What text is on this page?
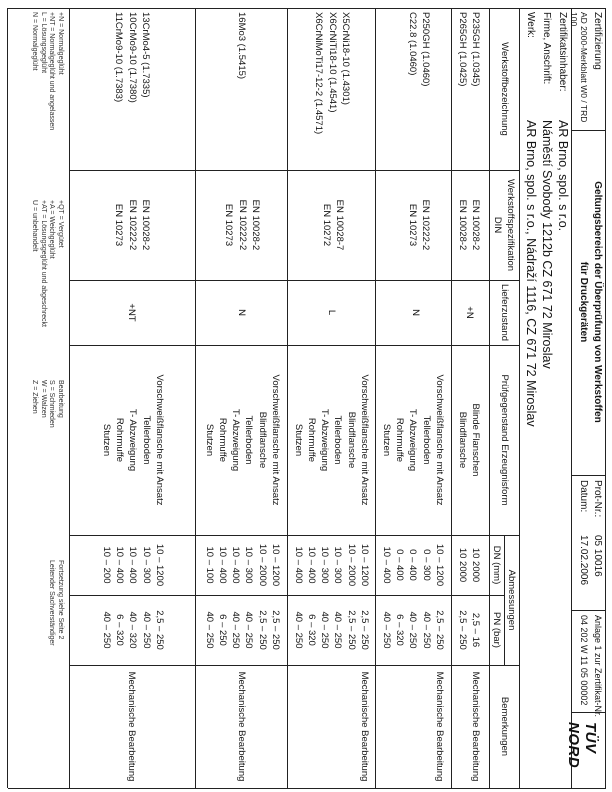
Zertifizierung
AD 2000-Merkblatt W0 / TRD 100
Geltungsbereich der Überprüfung von Werkstoffen
für Druckgeräten
Prot-Nr.:
05 10016
Datum:
17.02.2006
Anlage 1 zur Zertifikat-Nr.
04 202 W 11 05 00002
TÜV NORD
Zertifikatsinhaber:
AR Brno, spol. s r.o.
Firme, Anschrift:
Náměstí Svobody 1212b CZ 671 72 Miroslav
Werk:
AR Brno, spol. s r.o., Nádraží 1116, CZ 671 72 Miroslav
Werkstoffbezeichnung
Werkstoffspezifikation
DIN
Lieferzustand
Prüfgegenstand Erzeugnisform
Abmessungen
DN (mm)
PN (bar)
Bemerkungen
P235GH (1.0345)
P265GH (1.0425)
EN 10028-2
EN 10028-2
+N
Blinde Flanschen
Blindflansche
10 2000
10 2000
2,5 – 16
2,5 – 250
Mechanische Bearbeitung
P250GH (1.0460)
C22.8 (1.0460)
EN 10222-2
EN 10273
N
Vorschweißflansche mit Ansatz
Tellerboden
T- Abzweigung
Rohrmuffe
Stutzen
10 – 1200
0 – 300
0 – 400
0 – 400
10 – 400
2,5 – 250
40 – 250
40 – 250
6 – 320
40 – 250
Mechanische Bearbeitung
X5CrNi18-10 (1.4301)
X6CrNiTi18-10 (1.4541)
X6CrNiMoTi17-12-2 (1.4571)
EN 10028-7
EN 10272
L
Vorschweißflansche mit Ansatz
Blindflansche
Tellerboden
T- Abzweigung
Rohrmuffe
Stutzen
10 – 1200
10 – 2000
10 – 300
10 – 300
10 – 400
10 – 400
2,5 – 250
2,5 – 250
40 – 250
40 – 250
6 – 320
40 – 250
Mechanische Bearbeitung
16Mo3 (1.5415)
EN 10028-2
EN 10222-2
EN 10273
N
Vorschweißflansche mit Ansatz
Blindflansche
Tellerboden
T- Abzweigung
Rohrmuffe
Stutzen
10 – 1200
10 – 2000
10 – 300
10 – 400
10 – 400
10 – 100
2,5 – 250
2,5 – 250
40 – 250
40 – 250
6 – 250
40 – 250
Mechanische Bearbeitung
13CrMo4-5 (1.7335)
10CrMo9-10 (1.7380)
11CrMo9-10 (1.7383)
EN 10028-2
EN 10222-2
EN 10273
+NT
Vorschweißflansche mit Ansatz
Tellerboden
T- Abzweigung
Rohrmuffe
Stutzen
10 – 1200
10 – 300
10 – 400
10 – 400
10 – 200
2,5 – 250
40 – 250
40 – 320
6 – 320
40 – 250
Mechanische Bearbeitung
+N = Normalgeglüht
+NT = Normalgeglüht und angelassen
L = Lösungsgeglüht
N = Normalgeglüht
+QT = Vergütet
+A = Weichgeglüht
+AT = Lösungsgeglüht und abgeschreckt
U = unbehandelt
Bearbeitung
S = Schmieden
W = Walzen
Z = Ziehen
Fortsetzung siehe Seite 2
Leitender Sachverständiger
